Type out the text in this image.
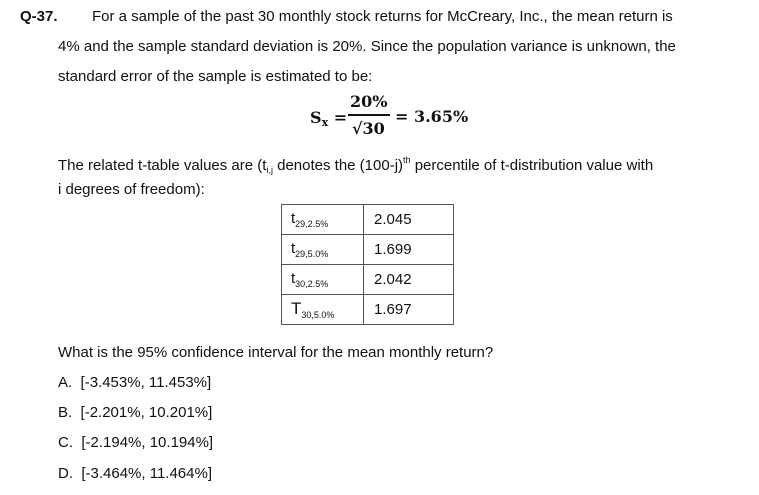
Q-37. For a sample of the past 30 monthly stock returns for McCreary, Inc., the mean return is
4% and the sample standard deviation is 20%. Since the population variance is unknown, the
standard error of the sample is estimated to be:
Sx =
20%
√30
= 3.65%
The related t-table values are ($t_{i,j}$ denotes the $(100-j)^{th}$ percentile of t-distribution value with
i degrees of freedom):
$t_{29,2.5\%}$	2.045
$t_{29,5.0\%}$	1.699
$t_{30,2.5\%}$	2.042
$T_{30,5.0\%}$	1.697
What is the 95% confidence interval for the mean monthly return?
A. [-3.453%, 11.453%]
B. [-2.201%, 10.201%]
C. [-2.194%, 10.194%]
D. [-3.464%, 11.464%]
